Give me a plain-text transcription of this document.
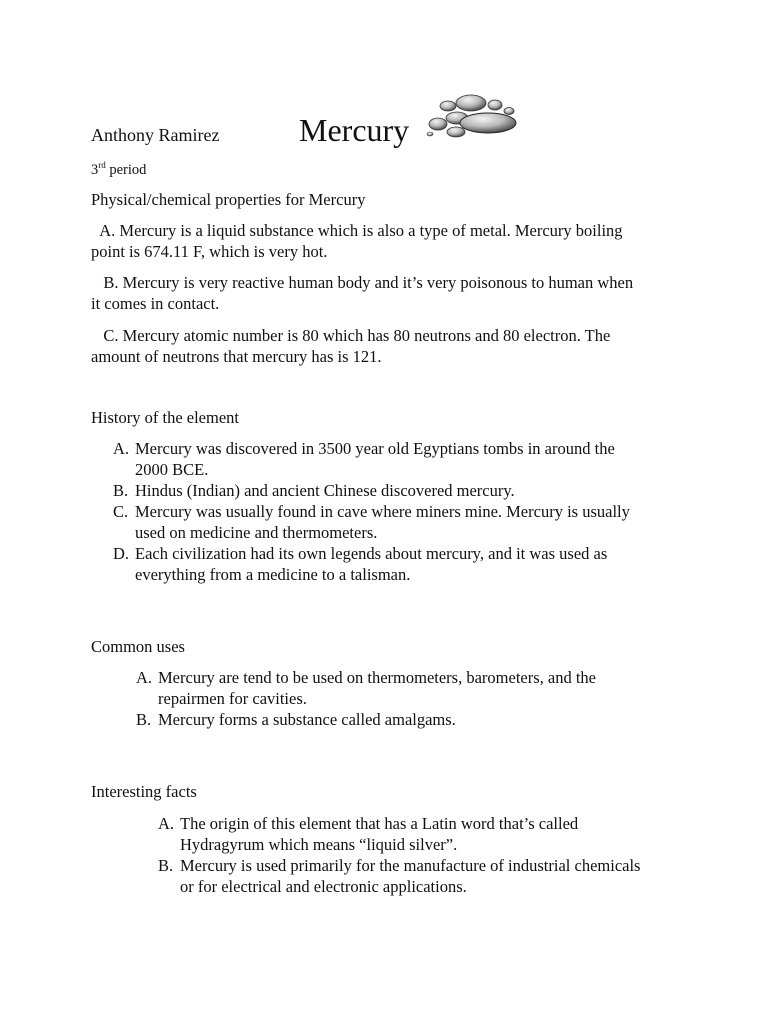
Anthony Ramirez Mercury
3rd period
Physical/chemical properties for Mercury
A. Mercury is a liquid substance which is also a type of metal. Mercury boiling
point is 674.11 F, which is very hot.
B. Mercury is very reactive human body and it’s very poisonous to human when
it comes in contact.
C. Mercury atomic number is 80 which has 80 neutrons and 80 electron. The
amount of neutrons that mercury has is 121.
History of the element
A. Mercury was discovered in 3500 year old Egyptians tombs in around the
2000 BCE.
B. Hindus (Indian) and ancient Chinese discovered mercury.
C. Mercury was usually found in cave where miners mine. Mercury is usually
used on medicine and thermometers.
D. Each civilization had its own legends about mercury, and it was used as
everything from a medicine to a talisman.
Common uses
A. Mercury are tend to be used on thermometers, barometers, and the
repairmen for cavities.
B. Mercury forms a substance called amalgams.
Interesting facts
A. The origin of this element that has a Latin word that’s called
Hydragyrum which means “liquid silver”.
B. Mercury is used primarily for the manufacture of industrial chemicals
or for electrical and electronic applications.
